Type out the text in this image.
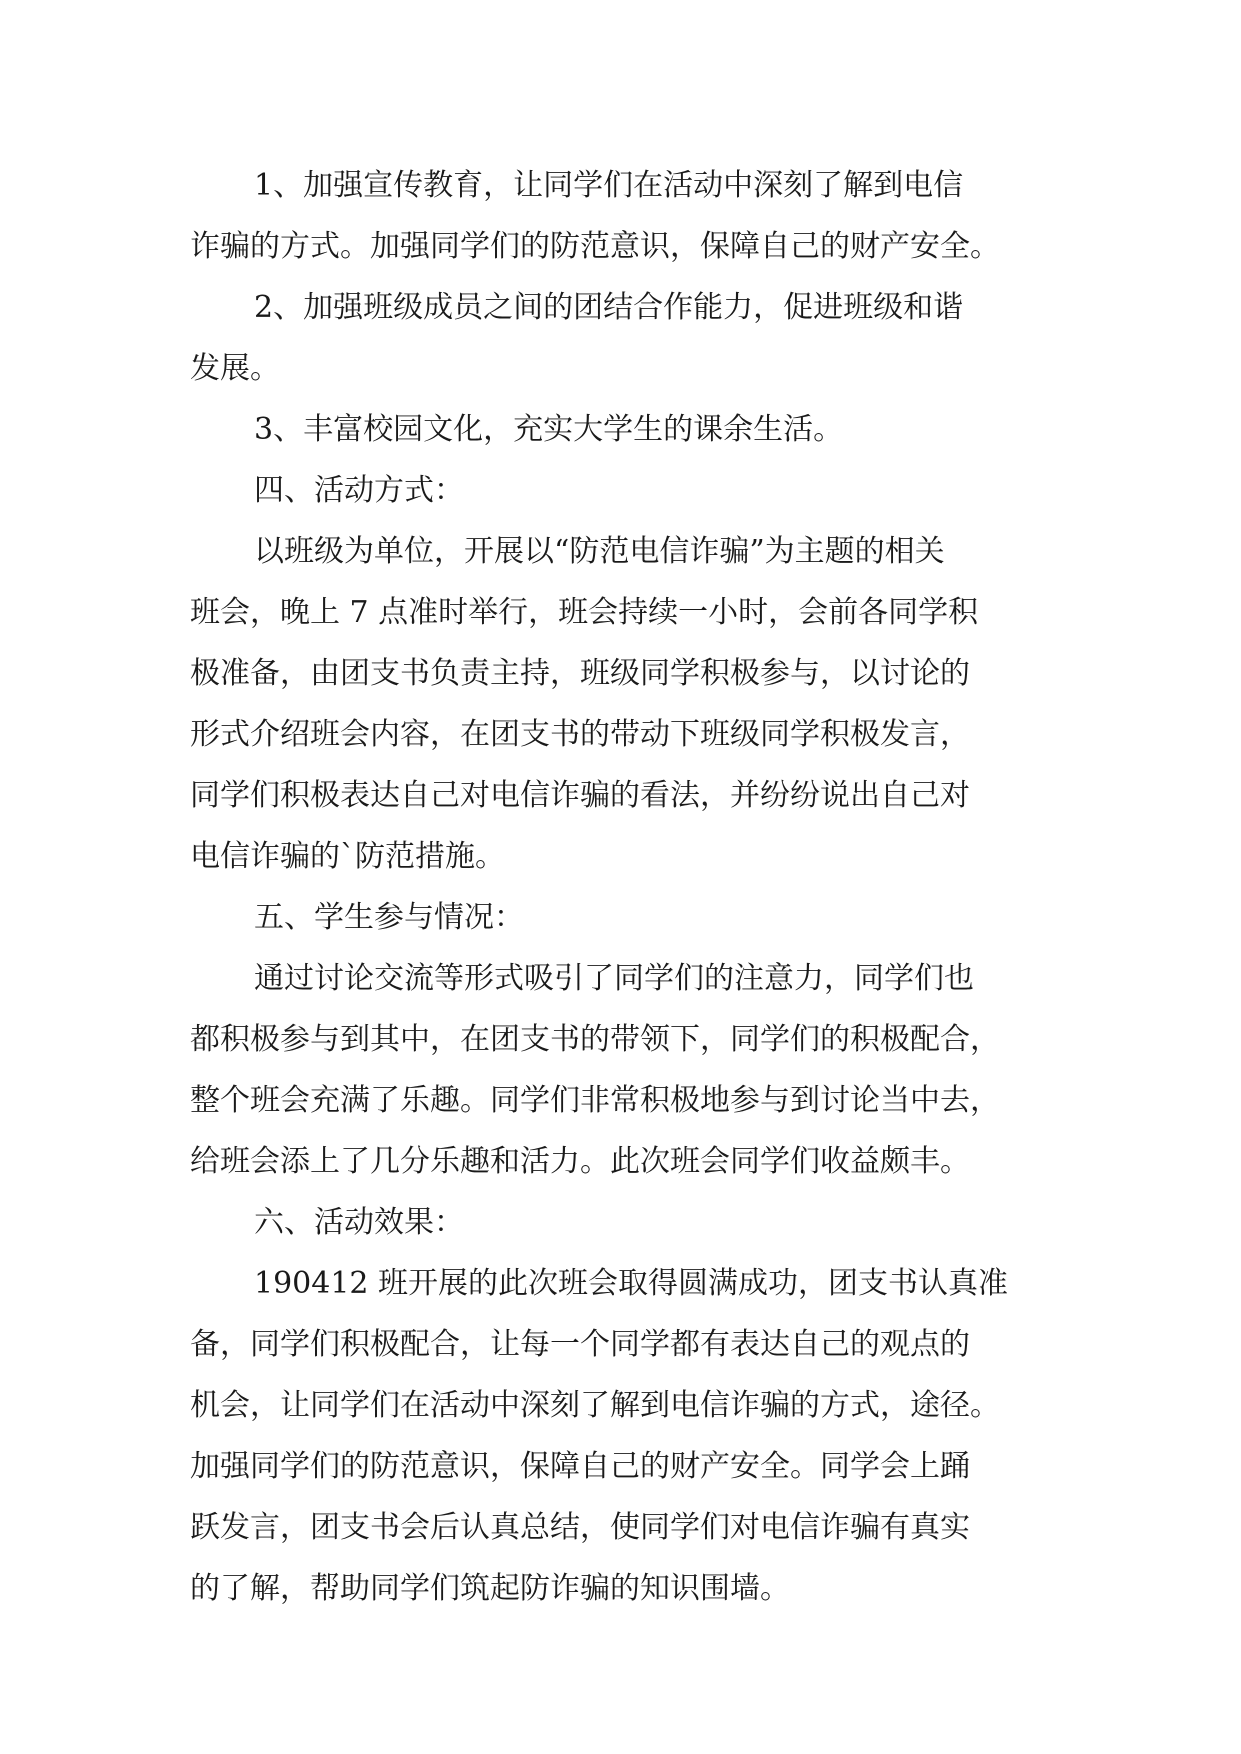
1、加强宣传教育，让同学们在活动中深刻了解到电信
诈骗的方式。加强同学们的防范意识，保障自己的财产安全。
2、加强班级成员之间的团结合作能力，促进班级和谐
发展。
3、丰富校园文化，充实大学生的课余生活。
四、活动方式：
以班级为单位，开展以“防范电信诈骗”为主题的相关
班会，晚上 7 点准时举行，班会持续一小时，会前各同学积
极准备，由团支书负责主持，班级同学积极参与，以讨论的
形式介绍班会内容，在团支书的带动下班级同学积极发言，
同学们积极表达自己对电信诈骗的看法，并纷纷说出自己对
电信诈骗的`防范措施。
五、学生参与情况：
通过讨论交流等形式吸引了同学们的注意力，同学们也
都积极参与到其中，在团支书的带领下，同学们的积极配合，
整个班会充满了乐趣。同学们非常积极地参与到讨论当中去，
给班会添上了几分乐趣和活力。此次班会同学们收益颇丰。
六、活动效果：
190412 班开展的此次班会取得圆满成功，团支书认真准
备，同学们积极配合，让每一个同学都有表达自己的观点的
机会，让同学们在活动中深刻了解到电信诈骗的方式，途径。
加强同学们的防范意识，保障自己的财产安全。同学会上踊
跃发言，团支书会后认真总结，使同学们对电信诈骗有真实
的了解，帮助同学们筑起防诈骗的知识围墙。
